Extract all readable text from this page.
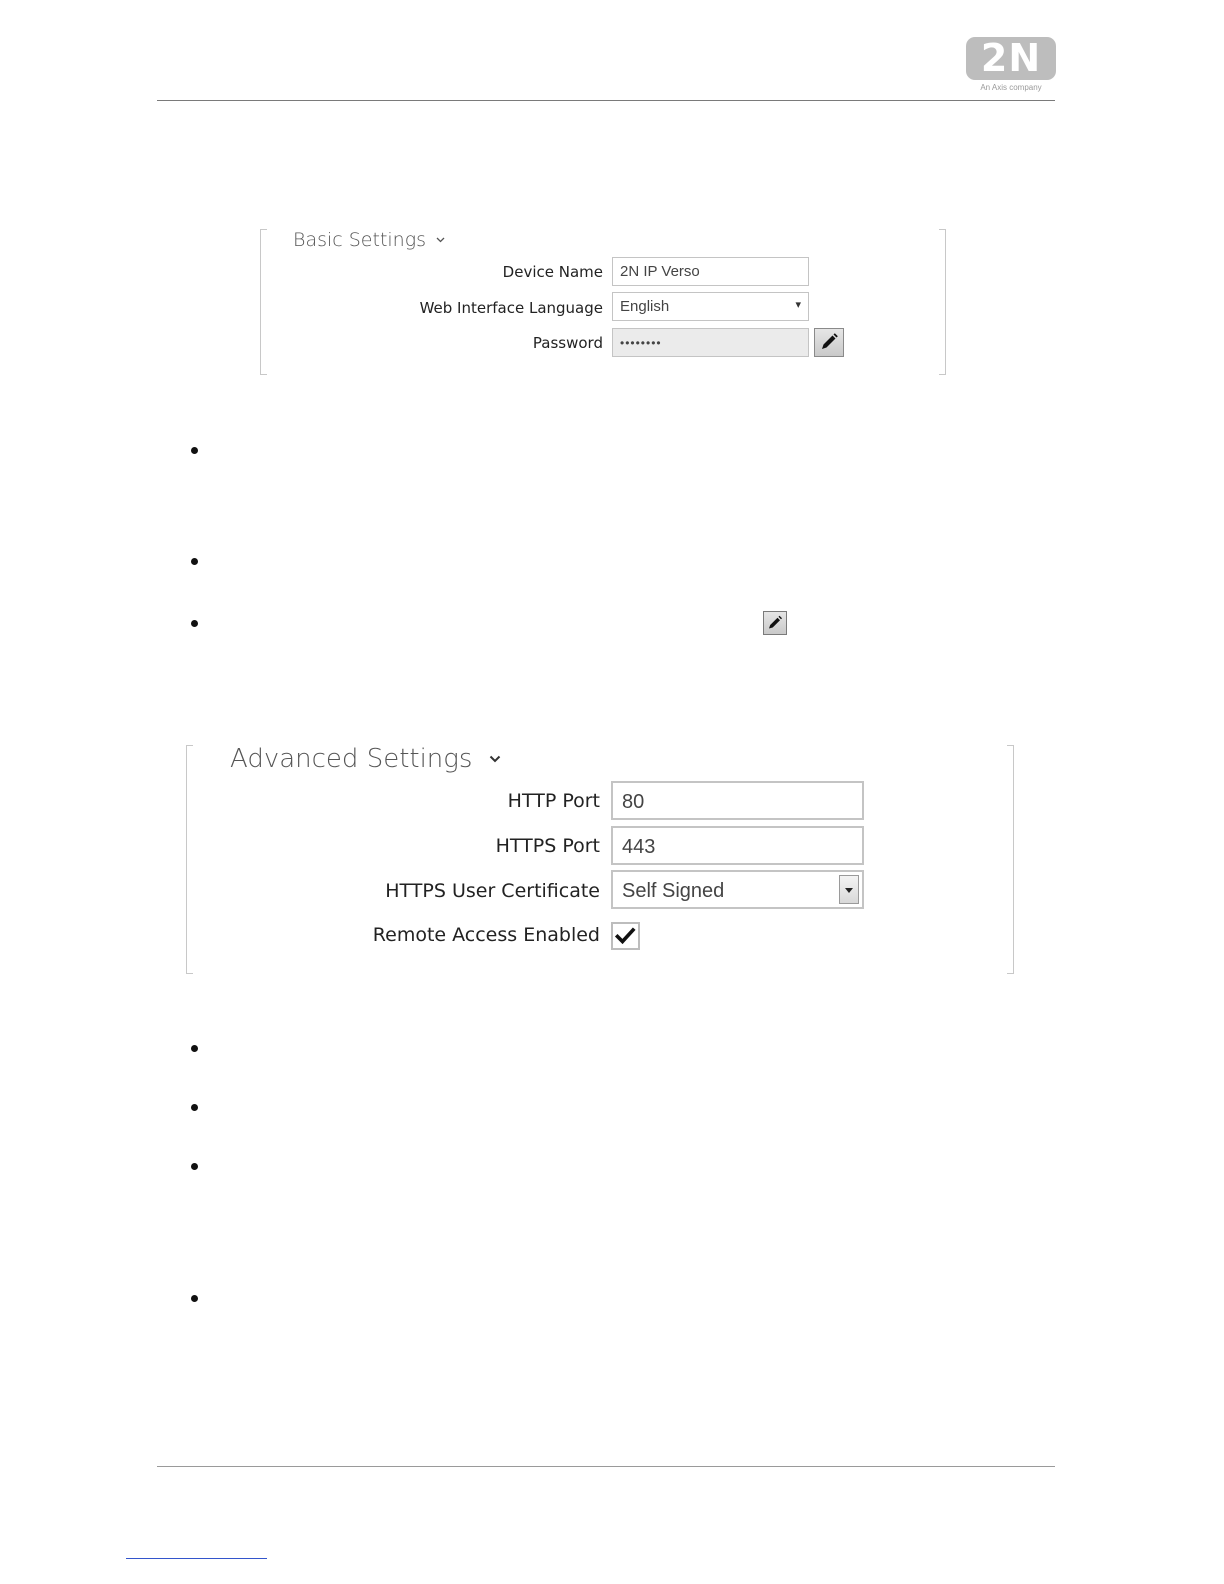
2N
An Axis company
Basic Settings
Device Name	2N IP Verso
Web Interface Language	English	▾
Password	••••••••
Advanced Settings
HTTP Port	80
HTTPS Port	443
HTTPS User Certificate	Self Signed
Remote Access Enabled
